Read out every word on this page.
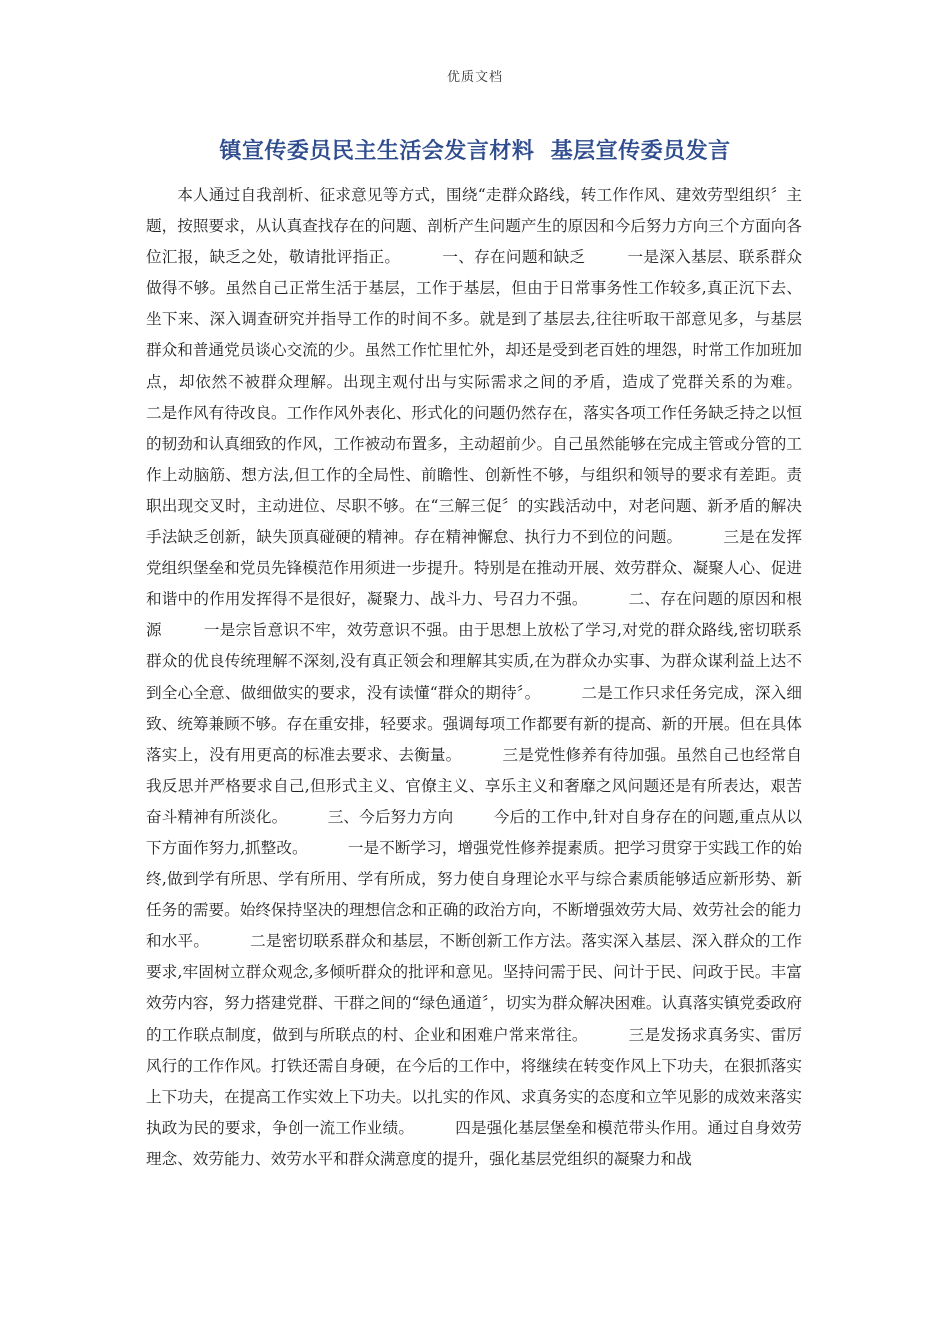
优质文档
镇宣传委员民主生活会发言材料  基层宣传委员发言

本人通过自我剖析、征求意见等方式，围绕“走群众路线，转工作作风、建效劳型组织〞主题，按照要求，从认真查找存在的问题、剖析产生问题产生的原因和今后努力方向三个方面向各位汇报，缺乏之处，敬请批评指正。        一、存在问题和缺乏        一是深入基层、联系群众做得不够。虽然自己正常生活于基层，工作于基层，但由于日常事务性工作较多,真正沉下去、坐下来、深入调查研究并指导工作的时间不多。就是到了基层去,往往听取干部意见多，与基层群众和普通党员谈心交流的少。虽然工作忙里忙外，却还是受到老百姓的埋怨，时常工作加班加点，却依然不被群众理解。出现主观付出与实际需求之间的矛盾，造成了党群关系的为难。        二是作风有待改良。工作作风外表化、形式化的问题仍然存在，落实各项工作任务缺乏持之以恒的韧劲和认真细致的作风，工作被动布置多，主动超前少。自己虽然能够在完成主管或分管的工作上动脑筋、想方法,但工作的全局性、前瞻性、创新性不够，与组织和领导的要求有差距。责职出现交叉时，主动进位、尽职不够。在“三解三促〞的实践活动中，对老问题、新矛盾的解决手法缺乏创新，缺失顶真碰硬的精神。存在精神懈怠、执行力不到位的问题。        三是在发挥党组织堡垒和党员先锋模范作用须进一步提升。特别是在推动开展、效劳群众、凝聚人心、促进和谐中的作用发挥得不是很好，凝聚力、战斗力、号召力不强。        二、存在问题的原因和根源        一是宗旨意识不牢，效劳意识不强。由于思想上放松了学习,对党的群众路线,密切联系群众的优良传统理解不深刻,没有真正领会和理解其实质,在为群众办实事、为群众谋利益上达不到全心全意、做细做实的要求，没有读懂“群众的期待〞。        二是工作只求任务完成，深入细致、统筹兼顾不够。存在重安排，轻要求。强调每项工作都要有新的提高、新的开展。但在具体落实上，没有用更高的标准去要求、去衡量。        三是党性修养有待加强。虽然自己也经常自我反思并严格要求自己,但形式主义、官僚主义、享乐主义和奢靡之风问题还是有所表达，艰苦奋斗精神有所淡化。        三、今后努力方向        今后的工作中,针对自身存在的问题,重点从以下方面作努力,抓整改。        一是不断学习，增强党性修养提素质。把学习贯穿于实践工作的始终,做到学有所思、学有所用、学有所成，努力使自身理论水平与综合素质能够适应新形势、新任务的需要。始终保持坚决的理想信念和正确的政治方向，不断增强效劳大局、效劳社会的能力和水平。        二是密切联系群众和基层，不断创新工作方法。落实深入基层、深入群众的工作要求,牢固树立群众观念,多倾听群众的批评和意见。坚持问需于民、问计于民、问政于民。丰富效劳内容，努力搭建党群、干群之间的“绿色通道〞，切实为群众解决困难。认真落实镇党委政府的工作联点制度，做到与所联点的村、企业和困难户常来常往。        三是发扬求真务实、雷厉风行的工作作风。打铁还需自身硬，在今后的工作中，将继续在转变作风上下功夫，在狠抓落实上下功夫，在提高工作实效上下功夫。以扎实的作风、求真务实的态度和立竿见影的成效来落实执政为民的要求，争创一流工作业绩。        四是强化基层堡垒和模范带头作用。通过自身效劳理念、效劳能力、效劳水平和群众满意度的提升，强化基层党组织的凝聚力和战
